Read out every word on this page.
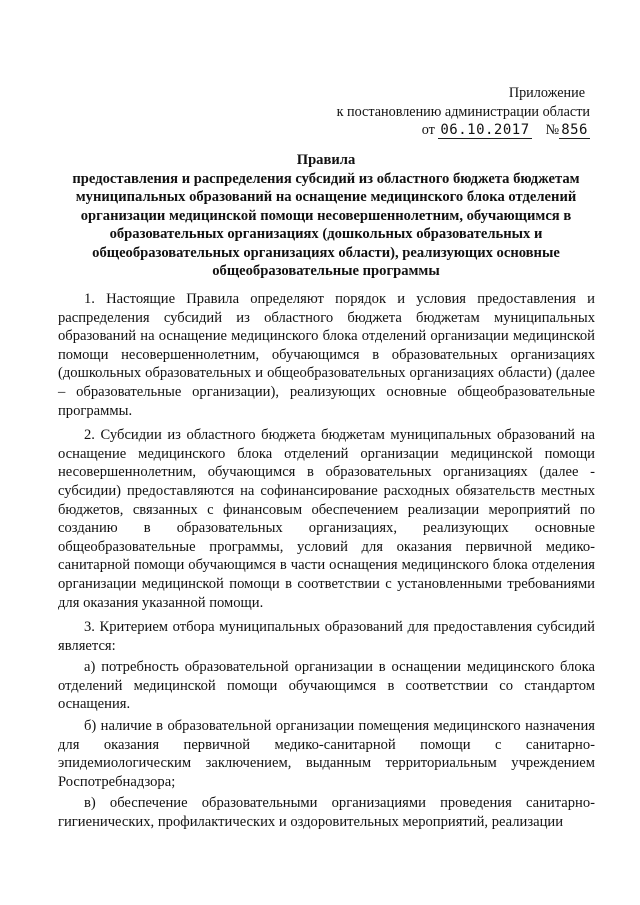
Приложение
к постановлению администрации области
от 06.10.2017 № 856
Правила
предоставления и распределения субсидий из областного бюджета бюджетам
муниципальных образований на оснащение медицинского блока отделений
организации медицинской помощи несовершеннолетним, обучающимся в
образовательных организациях (дошкольных образовательных и
общеобразовательных организациях области), реализующих основные
общеобразовательные программы

1. Настоящие Правила определяют порядок и условия предоставления и распределения субсидий из областного бюджета бюджетам муниципальных образований на оснащение медицинского блока отделений организации медицинской помощи несовершеннолетним, обучающимся в образовательных организациях (дошкольных образовательных и общеобразовательных организациях области) (далее – образовательные организации), реализующих основные общеобразовательные программы.

2. Субсидии из областного бюджета бюджетам муниципальных образований на оснащение медицинского блока отделений организации медицинской помощи несовершеннолетним, обучающимся в образовательных организациях (далее - субсидии) предоставляются на софинансирование расходных обязательств местных бюджетов, связанных с финансовым обеспечением реализации мероприятий по созданию в образовательных организациях, реализующих основные общеобразовательные программы, условий для оказания первичной медико-санитарной помощи обучающимся в части оснащения медицинского блока отделения организации медицинской помощи в соответствии с установленными требованиями для оказания указанной помощи.

3. Критерием отбора муниципальных образований для предоставления субсидий является:

а) потребность образовательной организации в оснащении медицинского блока отделений медицинской помощи обучающимся в соответствии со стандартом оснащения.

б) наличие в образовательной организации помещения медицинского назначения для оказания первичной медико-санитарной помощи с санитарно-эпидемиологическим заключением, выданным территориальным учреждением Роспотребнадзора;

в) обеспечение образовательными организациями проведения санитарно-гигиенических, профилактических и оздоровительных мероприятий, реализации
